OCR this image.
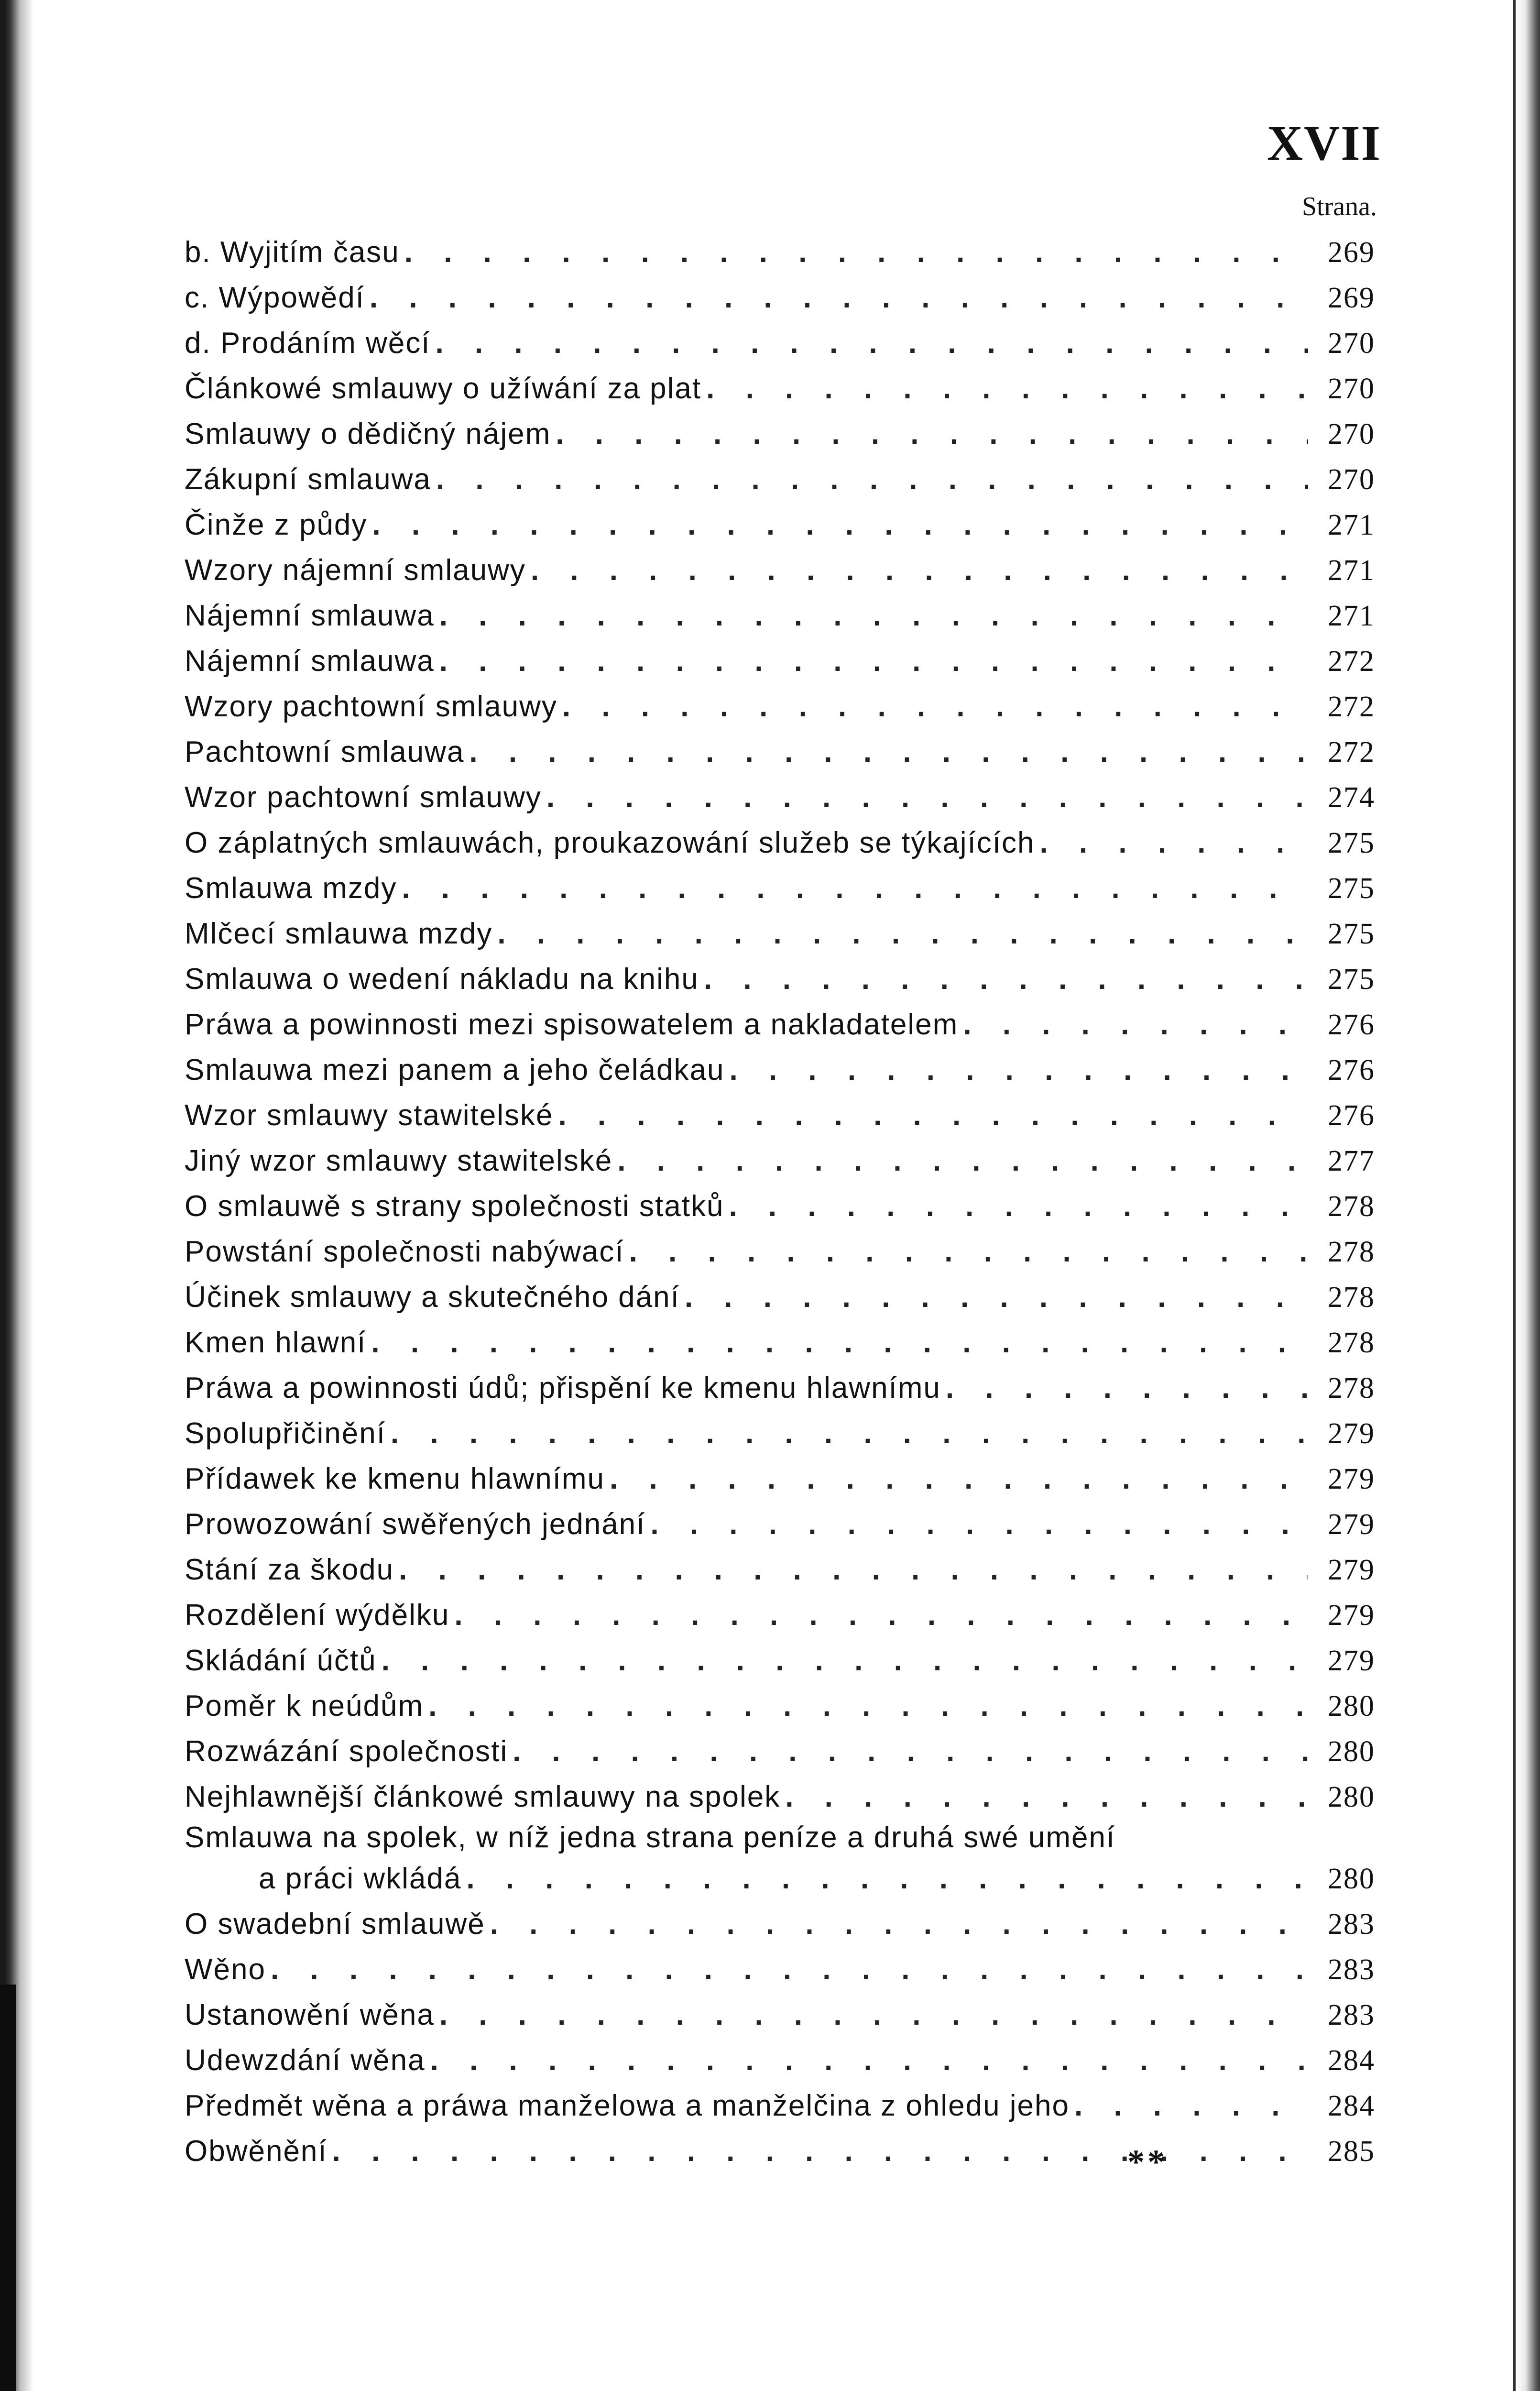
XVII
Strana.
b. Wyjitím času . . .	269
c. Wýpowědí . . .	269
d. Prodáním wěcí . . .	270
Článkowé smlauwy o užíwání za plat . . .	270
Smlauwy o dědičný nájem . . .	270
Zákupní smlauwa . . .	270
Činže z půdy . . .	271
Wzory nájemní smlauwy . . .	271
Nájemní smlauwa . . .	271
Nájemní smlauwa . . .	272
Wzory pachtowní smlauwy . . .	272
Pachtowní smlauwa . . .	272
Wzor pachtowní smlauwy . . .	274
O záplatných smlauwách, proukazowání služeb se týkajících . . .	275
Smlauwa mzdy . . .	275
Mlčecí smlauwa mzdy . . .	275
Smlauwa o wedení nákladu na knihu . . .	275
Práwa a powinnosti mezi spisowatelem a nakladatelem . . .	276
Smlauwa mezi panem a jeho čeládkau . . .	276
Wzor smlauwy stawitelské . . .	276
Jiný wzor smlauwy stawitelské . . .	277
O smlauwě s strany společnosti statků . . .	278
Powstání společnosti nabýwací . . .	278
Účinek smlauwy a skutečného dání . . .	278
Kmen hlawní . . .	278
Práwa a powinnosti údů; přispění ke kmenu hlawnímu . . .	278
Spolupřičinění . . .	279
Přídawek ke kmenu hlawnímu . . .	279
Prowozowání swěřených jednání . . .	279
Stání za škodu . . .	279
Rozdělení wýdělku . . .	279
Skládání účtů . . .	279
Poměr k neúdům . . .	280
Rozwázání společnosti . . .	280
Nejhlawnější článkowé smlauwy na spolek . . .	280
Smlauwa na spolek, w níž jedna strana peníze a druhá swé umění
a práci wkládá . . .	280
O swadební smlauwě . . .	283
Wěno . . .	283
Ustanowění wěna . . .	283
Udewzdání wěna . . .	284
Předmět wěna a práwa manželowa a manželčina z ohledu jeho . . .	284
Obwěnění . . .	285
**
